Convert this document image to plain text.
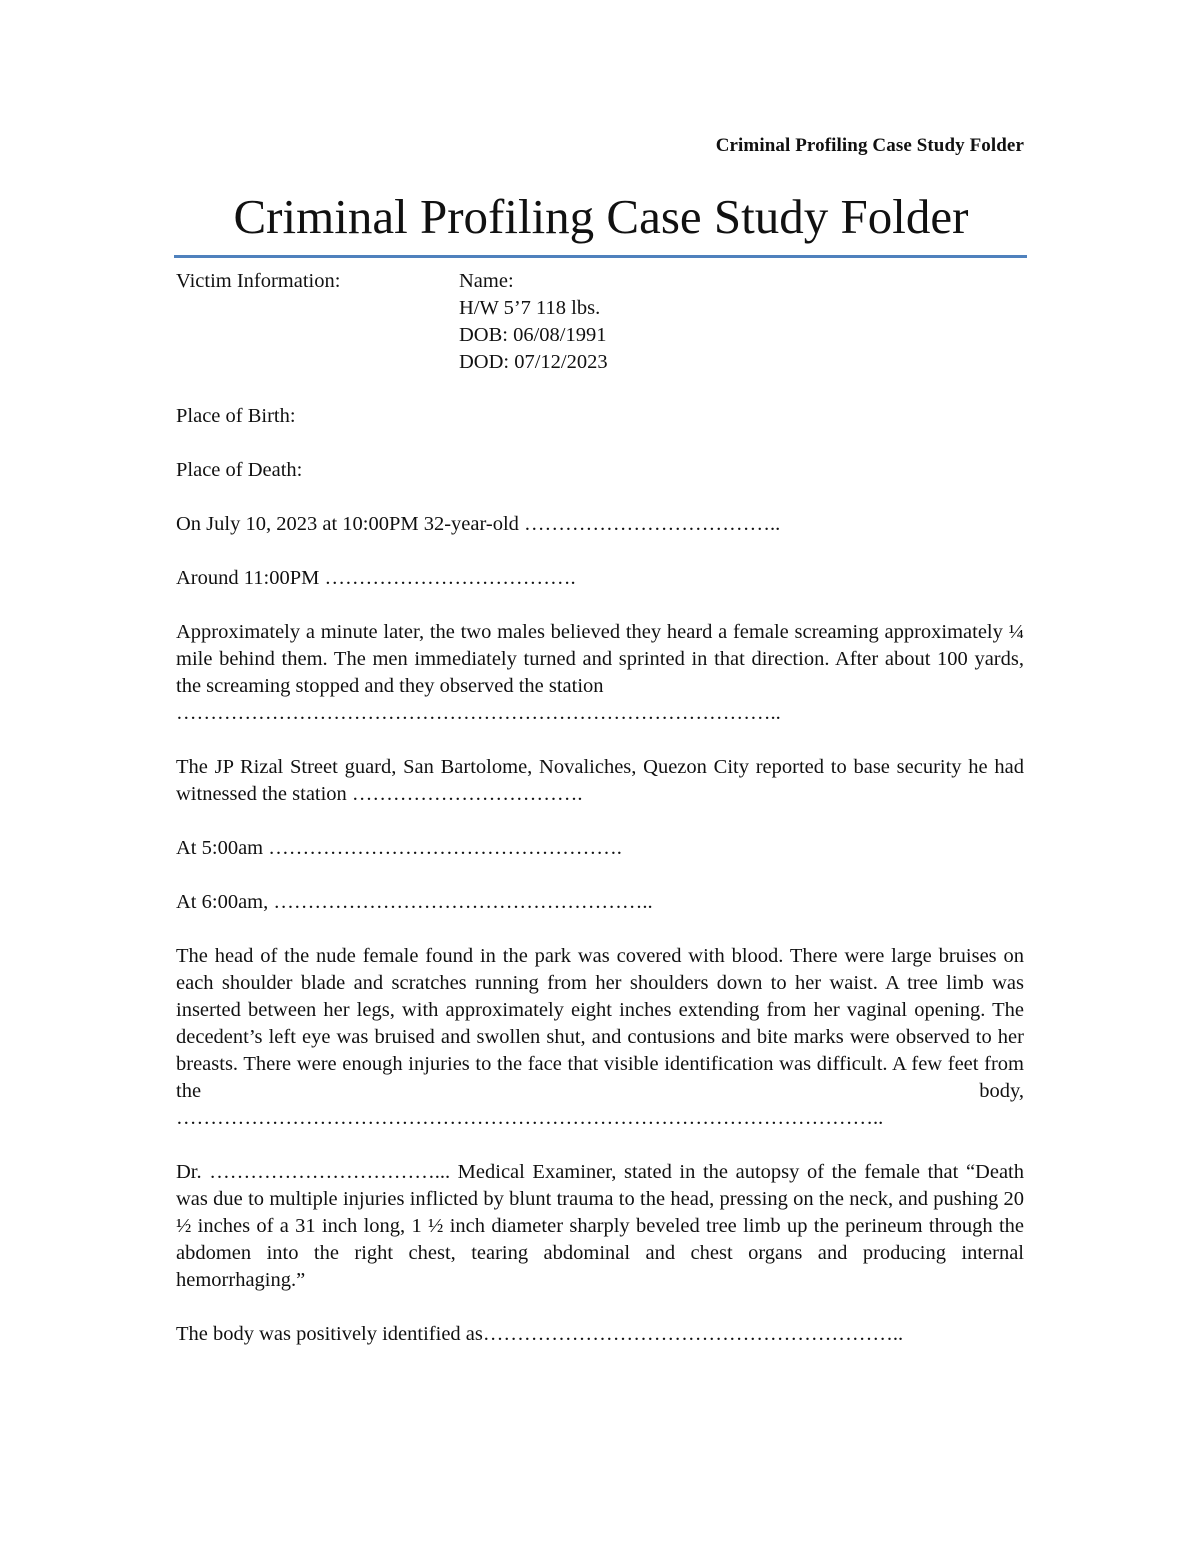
Criminal Profiling Case Study Folder
Criminal Profiling Case Study Folder
Victim Information:	Name:
H/W 5’7 118 lbs.
DOB: 06/08/1991
DOD: 07/12/2023

Place of Birth:

Place of Death:

On July 10, 2023 at 10:00PM 32-year-old ………………………………..

Around 11:00PM ……………………………….

Approximately a minute later, the two males believed they heard a female screaming approximately ¼ mile behind them. The men immediately turned and sprinted in that direction. After about 100 yards, the screaming stopped and they observed the station
……………………………………………………………………………..

The JP Rizal Street guard, San Bartolome, Novaliches, Quezon City reported to base security he had witnessed the station …………………………….

At 5:00am …………………………………………….

At 6:00am, ………………………………………………..

The head of the nude female found in the park was covered with blood. There were large bruises on each shoulder blade and scratches running from her shoulders down to her waist. A tree limb was inserted between her legs, with approximately eight inches extending from her vaginal opening. The decedent’s left eye was bruised and swollen shut, and contusions and bite marks were observed to her breasts. There were enough injuries to the face that visible identification was difficult. A few feet from the body,
…………………………………………………………………………………………..

Dr. ……………………………... Medical Examiner, stated in the autopsy of the female that “Death was due to multiple injuries inflicted by blunt trauma to the head, pressing on the neck, and pushing 20 ½ inches of a 31 inch long, 1 ½ inch diameter sharply beveled tree limb up the perineum through the abdomen into the right chest, tearing abdominal and chest organs and producing internal hemorrhaging.”

The body was positively identified as……………………………………………………..
